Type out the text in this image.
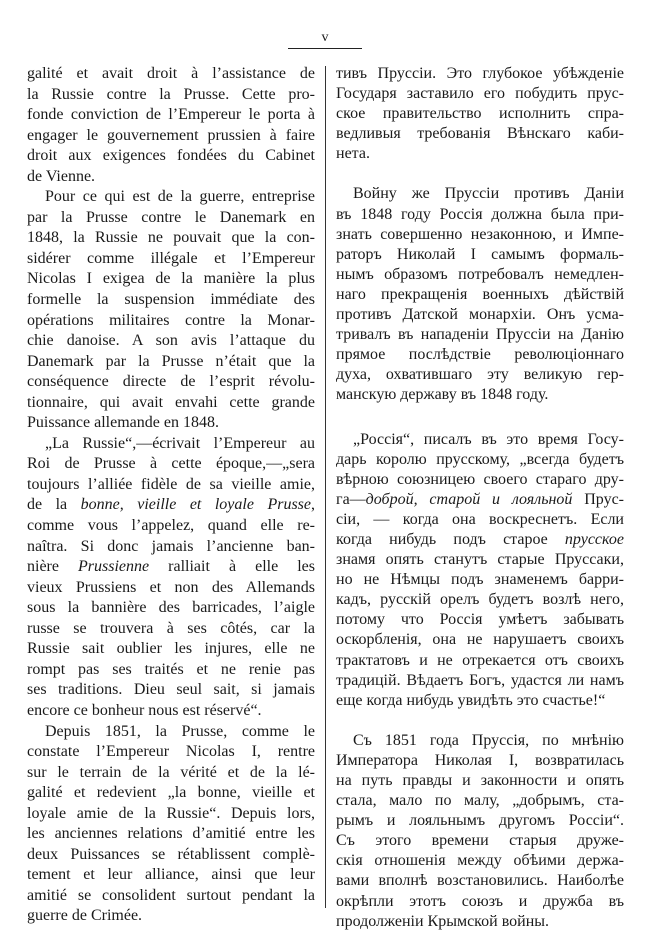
v
galité et avait droit à l’assistance de
la Russie contre la Prusse. Cette pro-
fonde conviction de l’Empereur le porta à
engager le gouvernement prussien à faire
droit aux exigences fondées du Cabinet
de Vienne.
Pour ce qui est de la guerre, entreprise
par la Prusse contre le Danemark en
1848, la Russie ne pouvait que la con-
sidérer comme illégale et l’Empereur
Nicolas I exigea de la manière la plus
formelle la suspension immédiate des
opérations militaires contre la Monar-
chie danoise. A son avis l’attaque du
Danemark par la Prusse n’était que la
conséquence directe de l’esprit révolu-
tionnaire, qui avait envahi cette grande
Puissance allemande en 1848.
„La Russie“,—écrivait l’Empereur au
Roi de Prusse à cette époque,—„sera
toujours l’alliée fidèle de sa vieille amie,
de la bonne, vieille et loyale Prusse,
comme vous l’appelez, quand elle re-
naîtra. Si donc jamais l’ancienne ban-
nière Prussienne ralliait à elle les
vieux Prussiens et non des Allemands
sous la bannière des barricades, l’aigle
russe se trouvera à ses côtés, car la
Russie sait oublier les injures, elle ne
rompt pas ses traités et ne renie pas
ses traditions. Dieu seul sait, si jamais
encore ce bonheur nous est réservé“.
Depuis 1851, la Prusse, comme le
constate l’Empereur Nicolas I, rentre
sur le terrain de la vérité et de la lé-
galité et redevient „la bonne, vieille et
loyale amie de la Russie“. Depuis lors,
les anciennes relations d’amitié entre les
deux Puissances se rétablissent complè-
tement et leur alliance, ainsi que leur
amitié se consolident surtout pendant la
guerre de Crimée.
тивъ Пруссіи. Это глубокое убѣжденіе
Государя заставило его побудить прус-
ское правительство исполнить спра-
ведливыя требованія Вѣнскаго каби-
нета.
Войну же Пруссіи противъ Даніи
въ 1848 году Россія должна была при-
знать совершенно незаконною, и Импе-
раторъ Николай I самымъ формаль-
нымъ образомъ потребовалъ немедлен-
наго прекращенія военныхъ дѣйствій
противъ Датской монархіи. Онъ усма-
тривалъ въ нападеніи Пруссіи на Данію
прямое послѣдствіе революціоннаго
духа, охватившаго эту великую гер-
манскую державу въ 1848 году.
„Россія“, писалъ въ это время Госу-
дарь королю прусскому, „всегда будетъ
вѣрною союзницею своего стараго дру-
га—доброй, старой и лояльной Прус-
сіи, — когда она воскреснетъ. Если
когда нибудь подъ старое прусское
знамя опять станутъ старые Пруссаки,
но не Нѣмцы подъ знаменемъ барри-
кадъ, русскій орелъ будетъ возлѣ него,
потому что Россія умѣетъ забывать
оскорбленія, она не нарушаетъ своихъ
трактатовъ и не отрекается отъ своихъ
традицій. Вѣдаетъ Богъ, удастся ли намъ
еще когда нибудь увидѣть это счастье!“
Съ 1851 года Пруссія, по мнѣнію
Императора Николая I, возвратилась
на путь правды и законности и опять
стала, мало по малу, „добрымъ, ста-
рымъ и лояльнымъ другомъ Россіи“.
Съ этого времени старыя друже-
скія отношенія между обѣими держа-
вами вполнѣ возстановились. Наиболѣе
окрѣпли этотъ союзъ и дружба въ
продолженіи Крымской войны.
